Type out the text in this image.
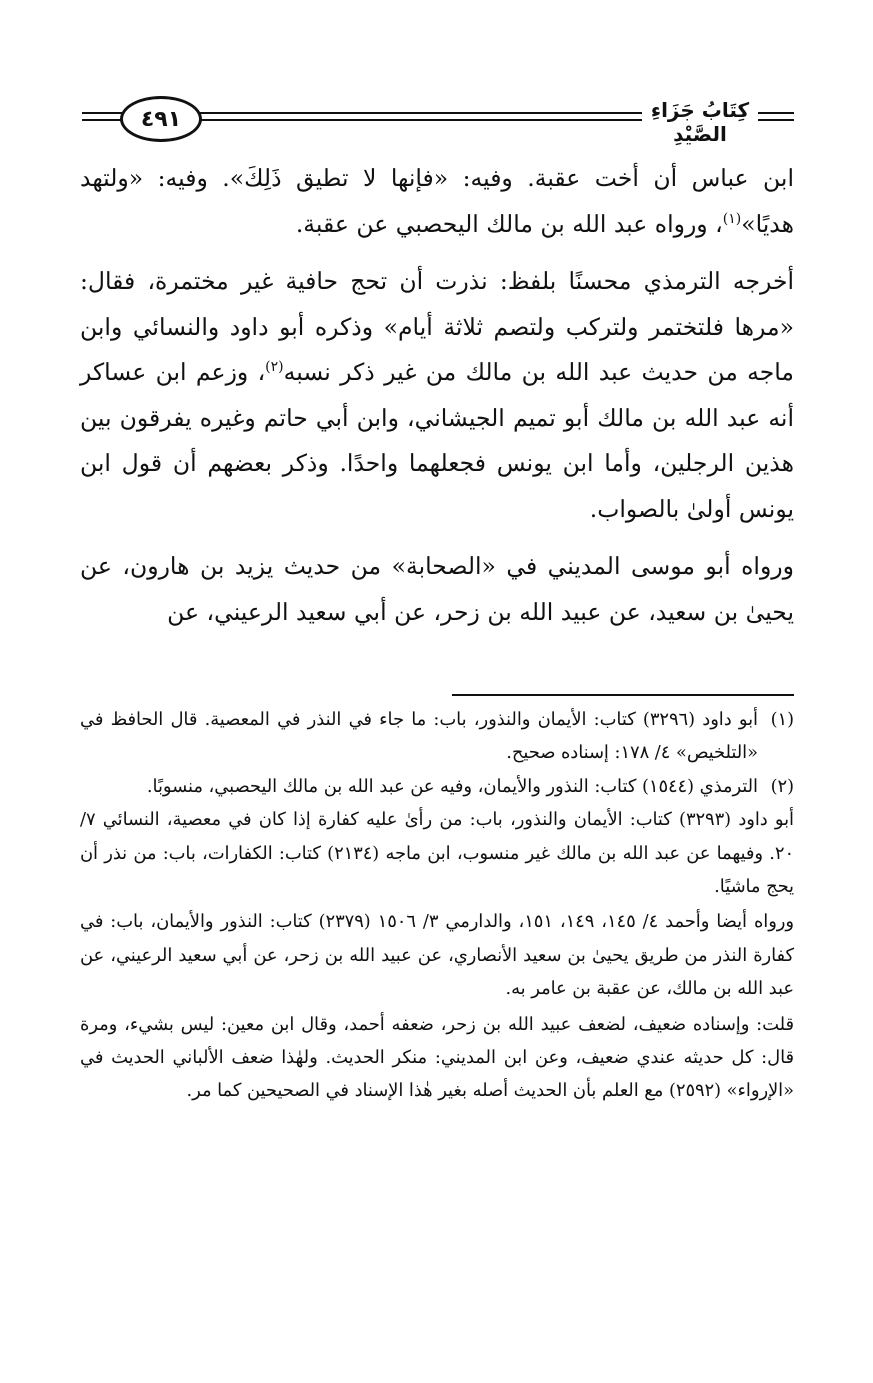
٤٩١	كِتَابُ جَزَاءِ الصَّيْدِ

ابن عباس أن أخت عقبة. وفيه: «فإنها لا تطيق ذَلِكَ». وفيه: «ولتهد هديًا»$^{(١)}$، ورواه عبد الله بن مالك اليحصبي عن عقبة.

أخرجه الترمذي محسنًا بلفظ: نذرت أن تحج حافية غير مختمرة، فقال: «مرها فلتختمر ولتركب ولتصم ثلاثة أيام» وذكره أبو داود والنسائي وابن ماجه من حديث عبد الله بن مالك من غير ذكر نسبه$^{(٢)}$، وزعم ابن عساكر أنه عبد الله بن مالك أبو تميم الجيشاني، وابن أبي حاتم وغيره يفرقون بين هذين الرجلين، وأما ابن يونس فجعلهما واحدًا. وذكر بعضهم أن قول ابن يونس أولىٰ بالصواب.

ورواه أبو موسى المديني في «الصحابة» من حديث يزيد بن هارون، عن يحيىٰ بن سعيد، عن عبيد الله بن زحر، عن أبي سعيد الرعيني، عن

(١)

أبو داود (٣٢٩٦) كتاب: الأيمان والنذور، باب: ما جاء في النذر في المعصية. قال الحافظ في «التلخيص» ٤/ ١٧٨: إسناده صحيح.

(٢)

الترمذي (١٥٤٤) كتاب: النذور والأيمان، وفيه عن عبد الله بن مالك اليحصبي، منسوبًا.

أبو داود (٣٢٩٣) كتاب: الأيمان والنذور، باب: من رأىٰ عليه كفارة إذا كان في معصية، النسائي ٧/ ٢٠. وفيهما عن عبد الله بن مالك غير منسوب، ابن ماجه (٢١٣٤) كتاب: الكفارات، باب: من نذر أن يحج ماشيًا.

ورواه أيضا وأحمد ٤/ ١٤٥، ١٤٩، ١٥١، والدارمي ٣/ ١٥٠٦ (٢٣٧٩) كتاب: النذور والأيمان، باب: في كفارة النذر من طريق يحيىٰ بن سعيد الأنصاري، عن عبيد الله بن زحر، عن أبي سعيد الرعيني، عن عبد الله بن مالك، عن عقبة بن عامر به.

قلت: وإسناده ضعيف، لضعف عبيد الله بن زحر، ضعفه أحمد، وقال ابن معين: ليس بشيء، ومرة قال: كل حديثه عندي ضعيف، وعن ابن المديني: منكر الحديث. ولهٰذا ضعف الألباني الحديث في «الإرواء» (٢٥٩٢) مع العلم بأن الحديث أصله بغير هٰذا الإسناد في الصحيحين كما مر.
